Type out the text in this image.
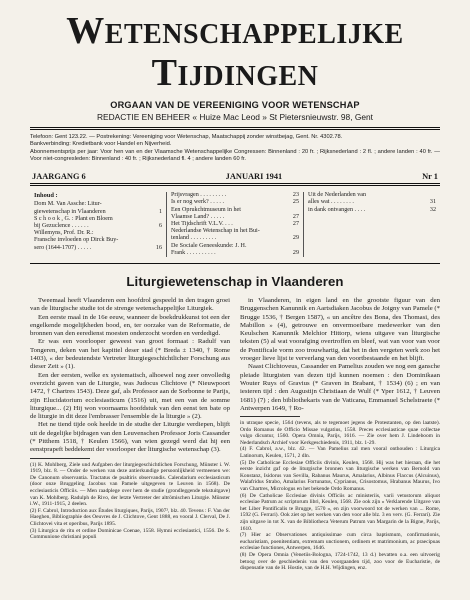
WETENSCHAPPELIJKE TIJDINGEN
ORGAAN VAN DE VEREENIGING VOOR WETENSCHAP
REDACTIE EN BEHEER « Huize Mac Leod » St Pietersnieuwstr. 98, Gent

Telefoon: Gent 123.22. — Postrekening: Vereeniging voor Wetenschap, Maatschappij zonder winstbejag, Gent. Nr. 4302.78.

Bankverbinding: Kredietbank voor Handel en Nijverheid.

Abonnementsprijs per jaar: Voor hen van en der Vlaamsche Wetenschappelijke Congressen: Binnenland : 20 fr. ; Rijksnederland : 2 fl. ; andere landen : 40 fr. — Voor niet-congresleden: Binnenland : 40 fr. ; Rijksnederland fl. 4 ; andere landen 60 fr.

JAARGANG 6	JANUARI 1941	Nr 1
Inhoud :
Dom M. Van Assche: Litur-
giewetenschap in Vlaanderen	1
S c h o o k , G. : Plant en Bloem
bij Gezuclence . . . . . .	6
Willemyns, Prof. Dr. R.:
Fransche invloeden op Dirck Buy-
sero (1644-1707) . . . . .	16
Prijsvragen . . . . . . . . .	23
Is er nog werk? . . . . .	25
Een Oprukchtmuseum in het
Vlaamse Land? . . . . .	27
Het Tijdschrift V.L.V. . . .	27
Nederlandse Wetenschap in het Bui-
tenland . . . . . . . . .	29
De Sociale Geneeskunde: J. H.
Frank . . . . . . . . . .	29
Uit de Nederlanden van
alles wat . . . . . . . .	31
in dank ontvangen . . . .	32
Liturgiewetenschap in Vlaanderen

Tweemaal heeft Vlaanderen een hoofdrol gespeeld in den tragen groei van de liturgische studie tot de strenge wetenschappelijke Liturgiek.

Een eerste maal in de 16e eeuw, wanneer de boekdrukkunst tot een der engelkende mogelijkheden bood, en, ter oorzake van de Reformatie, de bronnen van den eeredienst moesten onderzocht worden en verdedigd.

Er was een voorlooper geweest van groot formaat : Radulf van Tongeren, deken van het kapittel deser stad (* Breda ± 1340, † Rome 1403), « der bedeutendste Vertreter liturgiegeschichtlicher Forschung aus dieser Zeit » (1).

Een der eersten, welke ex systematisch, alhoewel nog zeer onvolledig overzicht gaven van de Liturgie, was Judocus Clichtove (* Nieuwpoort 1472, † Chartres 1543). Deze gaf, als Professor aan de Sorbonne te Parijs, zijn Elucidatorium ecclesiasticum (1516) uit, met een van de somme liturgique... (2) Hij won voornaams hoofdstuk van den eenst ten bate op de liturgie in dit deze l'embrasser l'ensemble de la liturgie » (2).

Het ne tiend tijde ook heelde in de studie der Liturgie verdiepen, blijft uit de degelijke bijdragen van den Leuvenschen Professor Joris Cassander (* Pitthem 1518, † Keulen 1566), van wien gezegd werd dat hij een eenstprapeft beddekemt der voorlooper der liturgische wetenschap (3).

(1) K. Mohlberg, Ziele und Aufgaben der liturgiegeschichtlichen Forschung, Münster i. W. 1919, blz. 8. — Onder de werken van deze antierkundige persoonlijkheid vermeenen we: De Canonum observantia. Tractatus de psaltiris observandis. Calendarium ecclesiasticum (door onze Bruggeling Jacobus van Pamele uitgegeven te Leuven in 1568). De ecclesiasticis Officiis. — Men raadplege over hem de studie (grondleggende tekstuitgave) van K. Mohlberg. Radulph de Rivo, der letzte Vertreter der altrömischen Liturgie. Münster i.W., 1911-1915, 2 deelen.

(2) F. Cabrol, Introduction aux Études liturgiques, Parijs, 1907², blz. 40. Tevens : F. Van der Haeghen, Bibliographie des Oeuvres de J. Clichtove, Gent 1888, en vooral J. Clerval, De J. Clichtovei vita et operibus, Parijs 1895.

(3) Liturgica de ritu et ordine Dominicae Coenae, 1558. Hymni ecclesiastici, 1556. De S. Communione christiani populi

in Vlaanderen, in eigen land en the grootste figuur van den Bruggenschen Kanunnik en Aartsdiaken Jacobus de Joigny van Pamele (* Brugge 1536, † Bergen 1587), « un ancêtre des Bona, des Thomasi, des Mabillon » (4), getrouwe en onvermoeibare medewerker van den Keulschen Kanunnik Melchior Hittorp, wiens uitgave van liturgische teksten (5) al wat voorafging overtroffen en bleef, wat van voor van voor de Pontificale vorm zoo trouwhartig, dat het in den vergeten werk zoo het vroeger lieve lijst te ververlang van den voortbestaande en het blijft.

Naast Clichtoveus, Cassander en Pamelius zouden we nog een gansche pleiade liturgisten van dezen tijd kunnen noemen : den Dominikaan Wouter Ruys of Gravius (* Graven in Brabant, † 1534) (6) ; en van iesteren tijd : den Augustijn Christiaan de Wulf (* Yper 1612, † Leuven 1681) (7) ; den bibliothekaris van de Vaticana, Emmanuel Schelstraete (* Antwerpen 1649, † Ro-

in utraque specie, 1564 (tevens, als te tegemoet jegens de Protestanten, op den laatste). Ordo Romanus de Officio Missae vulgatius, 1558. Preces ecclesiasticae quae collectae vulgo dicuntur, 1560. Opera Omnia, Parijs, 1616. — Zie over hem J. Lindeboom in Nederlandsch Archief voor Kerkgeschiedenis, 1911, blz. 1-29.

(4) F. Cabrol, a.w., blz. 42. — Van Pamelius zal men vooral onthouden : Liturgica Latinorum, Keulen, 1571, 2 dln.

(5) De Catholicae Ecclesiae Officiis divinis, Keulen, 1568. Hij was het hieraan, die het eerste inzicht gaf op de liturgische bronnen van liturgische werken van Bernold van Konstanz, Isidorus van Sevilla, Rabanus Maurus, Amalarius, Albinus Flaccus (Alcuinus), Walafridus Strabo, Amalarius Fortunatus, Cyprianus, Crisostomus, Hrabanus Maurus, Ivo van Chartres, Micrologus en het bekende Ordo Romanus.

(6) De Catholicae Ecclesiae divinis Officiis ac ministeriis, varii vetustorum aliquot ecclesiae Patrum ac scriptorum libri, Keulen, 1568. Zie ook zijn « Verklarende Uitgave van het Liber Pontificalis te Brugge, 1570 », en zijn voorwoord tot de werken van ... Rome, 1592 (G. Ferrari). Ook ziet op het werken van den voor alle blz. 3 en verv. (G. Ferrari). Zie zijn uitgave in tot X. van de Bibliotheca Veterum Patrum van Margarin de la Bigne, Parijs, 1610.

(7) Hier ac Observationes antiquissimae cum circa baptismum, confirmationis, eucharistiam, poenitentiam, extremam unctionem, ordinem et matrimonium, ac praecipuas ecclesiae functiones, Antwerpen, 1646.

(8) De Opera Omnia (Venetiis-Bologna, 1724-1742, 13 d.) bevatten o.a. een uitvoerig betoog over de geschiedenis van den voorgaanden tijd, zoo voor de Eucharistie, de dispensatie van de H. Hostie, van de H.H. Wijdingen, enz.
